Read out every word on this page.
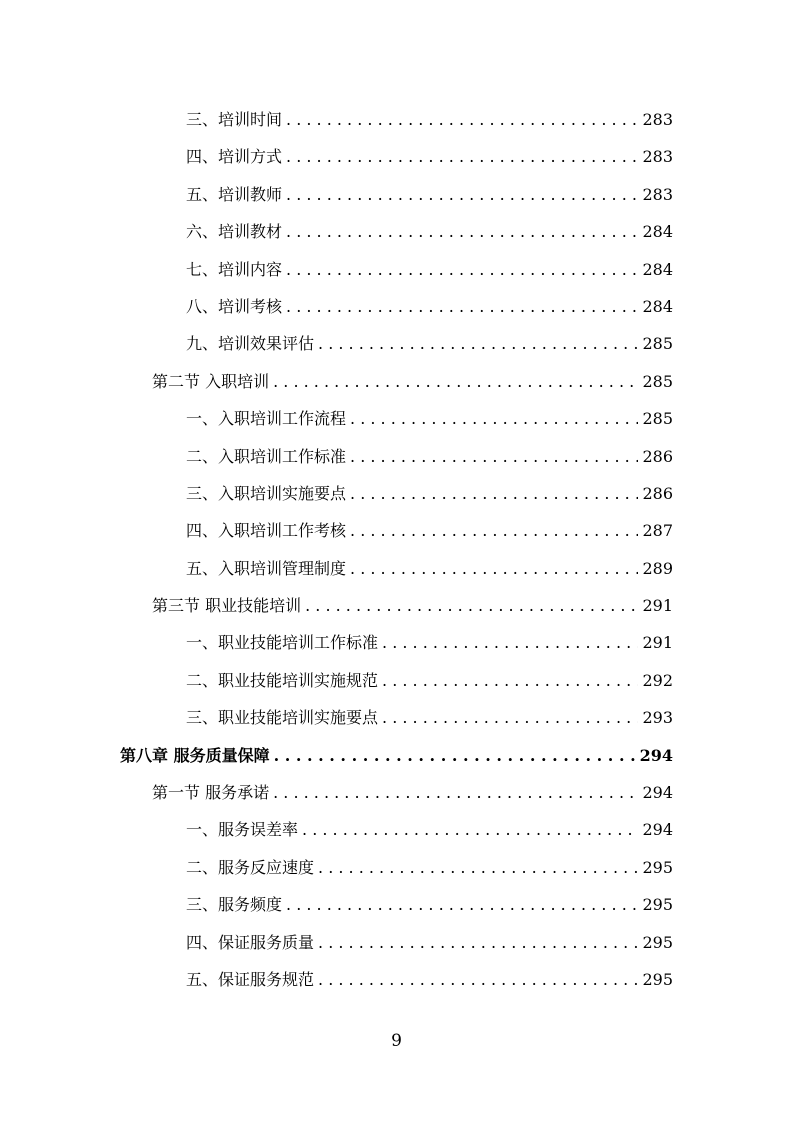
三、培训时间 . . .	283
四、培训方式 . . .	283
五、培训教师 . . .	283
六、培训教材 . . .	284
七、培训内容 . . .	284
八、培训考核 . . .	284
九、培训效果评估 . . .	285
第二节 入职培训 . . .	285
一、入职培训工作流程 . . .	285
二、入职培训工作标准 . . .	286
三、入职培训实施要点 . . .	286
四、入职培训工作考核 . . .	287
五、入职培训管理制度 . . .	289
第三节 职业技能培训 . . .	291
一、职业技能培训工作标准 . . .	291
二、职业技能培训实施规范 . . .	292
三、职业技能培训实施要点 . . .	293
第八章 服务质量保障 . . .	294
第一节 服务承诺 . . .	294
一、服务误差率 . . .	294
二、服务反应速度 . . .	295
三、服务频度 . . .	295
四、保证服务质量 . . .	295
五、保证服务规范 . . .	295
9
